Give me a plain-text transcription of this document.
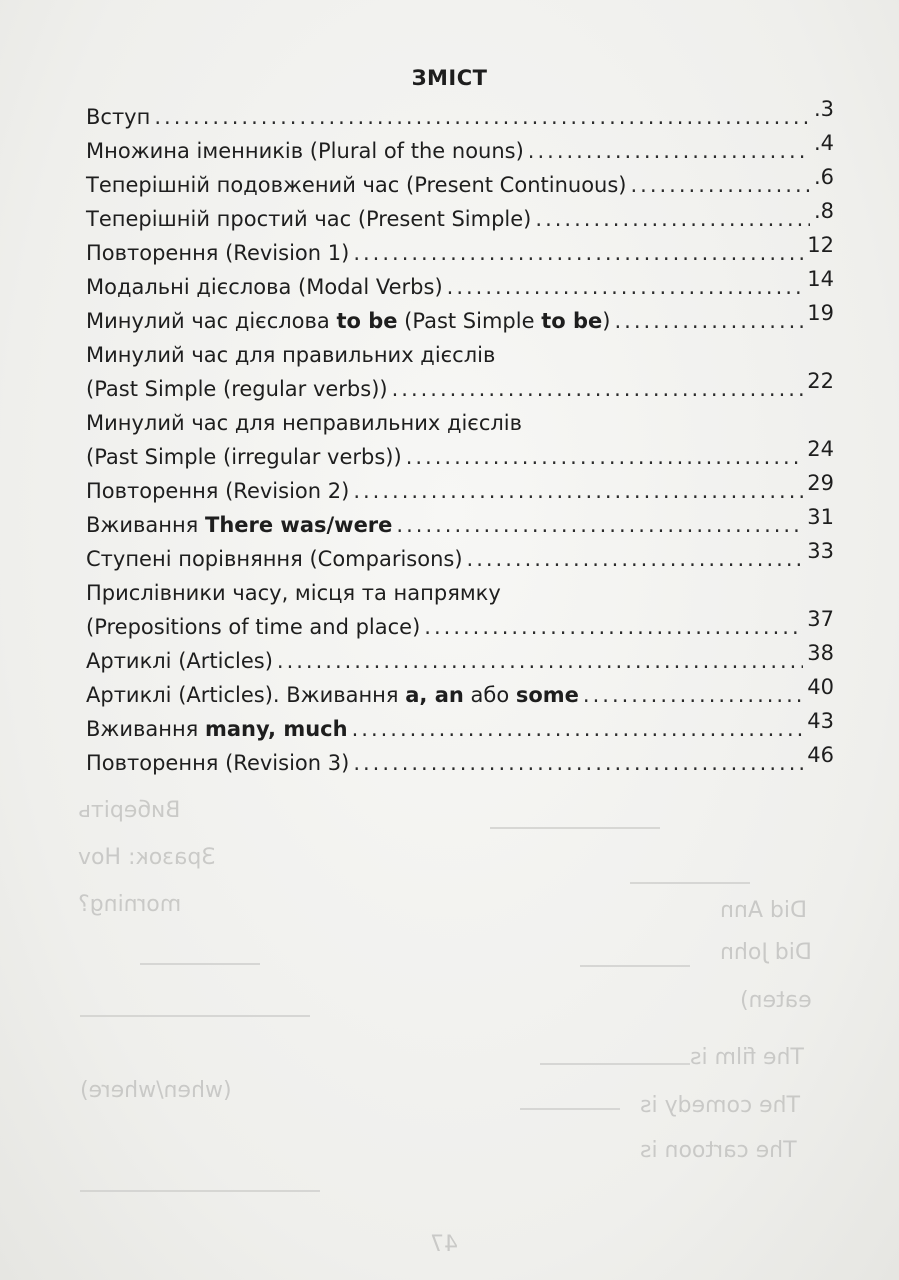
Виберіть
Зразок: Hov
morning?
(when/where)
eaten)
Did Ann
Did John
The film is
The comedy is
The cartoon is
47
ЗМІСТ
Вступ .....	.3
Множина іменників (Plural of the nouns) .....	.4
Теперішній подовжений час (Present Continuous) .....	.6
Теперішній простий час (Present Simple) .....	.8
Повторення (Revision 1) .....	12
Модальні дієслова (Modal Verbs) .....	14
Минулий час дієслова to be (Past Simple to be) .....	19
Минулий час для правильних дієслів
(Past Simple (regular verbs)) .....	22
Минулий час для неправильних дієслів
(Past Simple (irregular verbs)) .....	24
Повторення (Revision 2) .....	29
Вживання There was/were .....	31
Ступені порівняння (Comparisons) .....	33
Прислівники часу, місця та напрямку
(Prepositions of time and place) .....	37
Артиклі (Articles) .....	38
Артиклі (Articles). Вживання a, an або some .....	40
Вживання many, much .....	43
Повторення (Revision 3) .....	46
